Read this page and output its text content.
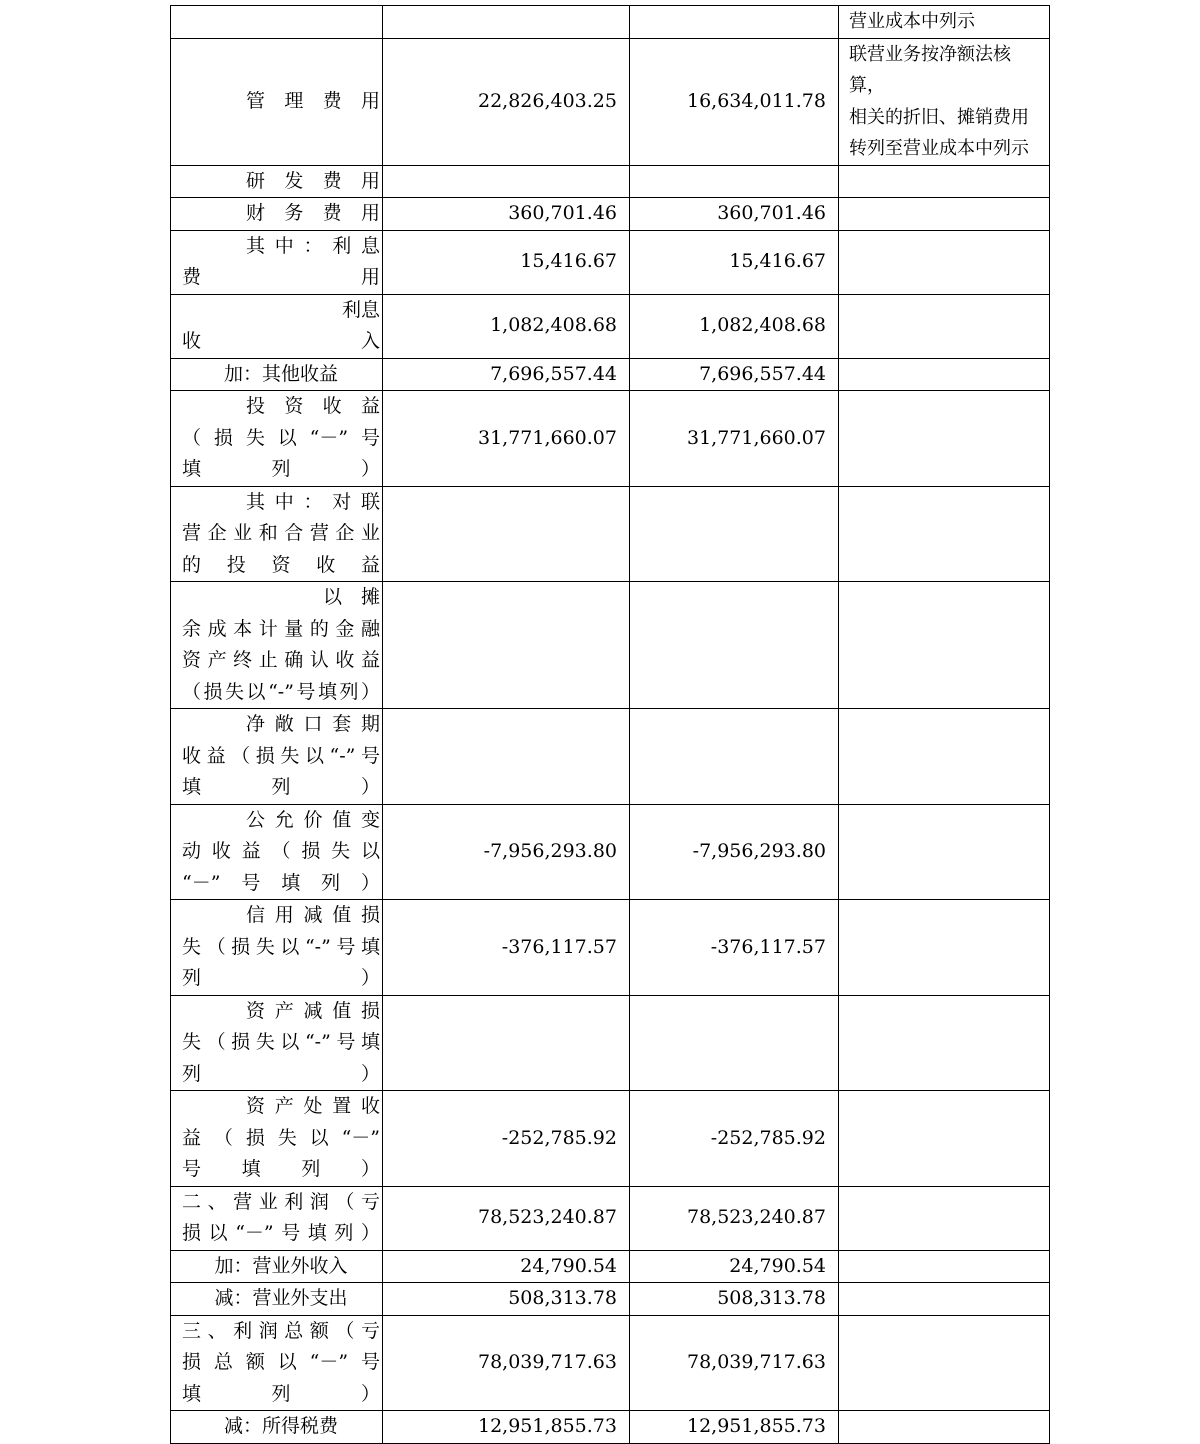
			营业成本中列示

管理费用	22,826,403.25	16,634,011.78	联营业务按净额法核算，
相关的折旧、摊销费用
转列至营业成本中列示

研发费用			

财务费用	360,701.46	360,701.46	

其中：利息
费用	15,416.67	15,416.67	

利息
收入	1,082,408.68	1,082,408.68	

加：其他收益	7,696,557.44	7,696,557.44	

投资收益
（损失以“－”号
填列）	31,771,660.07	31,771,660.07	

其中：对联
营企业和合营企业
的投资收益			

以　摊
余成本计量的金融
资产终止确认收益
（损失以“-”号填列）			

净敞口套期
收益（损失以“-”号
填列）			

公允价值变
动收益（损失以
“－”号填列）	-7,956,293.80	-7,956,293.80	

信用减值损
失（损失以“-”号填
列）	-376,117.57	-376,117.57	

资产减值损
失（损失以“-”号填
列）			

资产处置收
益（损失以“－”
号填列）	-252,785.92	-252,785.92	

二、营业利润（亏
损以“－”号填列）	78,523,240.87	78,523,240.87	

加：营业外收入	24,790.54	24,790.54	

减：营业外支出	508,313.78	508,313.78	

三、利润总额（亏
损总额以“－”号
填列）	78,039,717.63	78,039,717.63	

减：所得税费	12,951,855.73	12,951,855.73	
